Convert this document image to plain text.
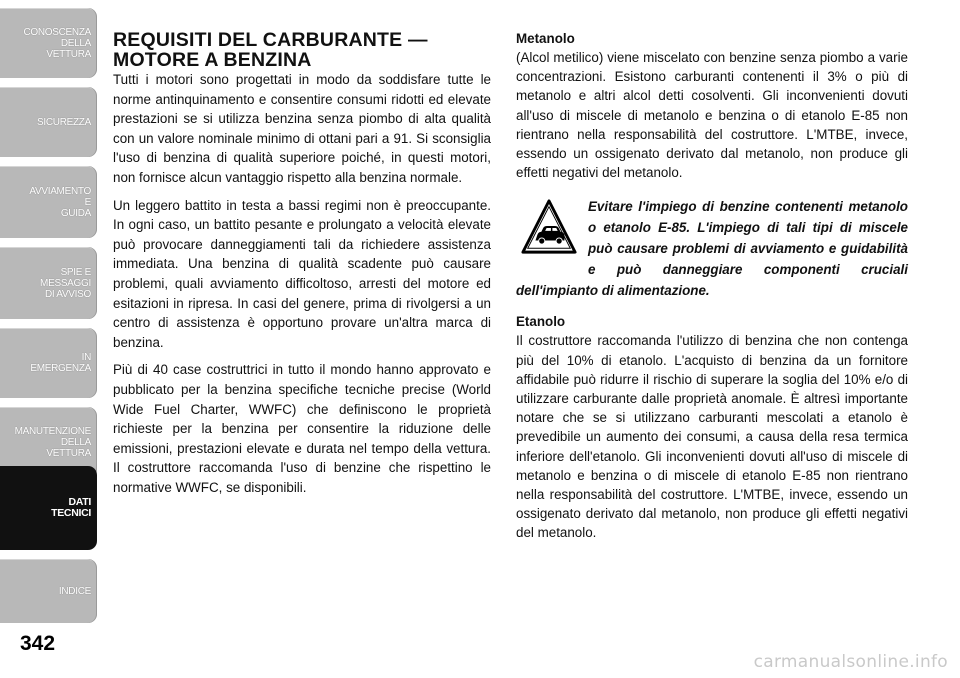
CONOSCENZA
DELLA
VETTURA
SICUREZZA
AVVIAMENTO
E
GUIDA
SPIE E
MESSAGGI
DI AVVISO
IN
EMERGENZA
MANUTENZIONE
DELLA
VETTURA
DATI
TECNICI
INDICE
342
REQUISITI DEL CARBURANTE —
MOTORE A BENZINA

Tutti i motori sono progettati in modo da soddisfare tutte le norme antinquinamento e consentire consumi ridotti ed elevate prestazioni se si utilizza benzina senza piombo di alta qualità con un valore nominale minimo di ottani pari a 91. Si sconsiglia l'uso di benzina di qualità superiore poiché, in questi motori, non fornisce alcun vantaggio rispetto alla benzina normale.

Un leggero battito in testa a bassi regimi non è preoccupante. In ogni caso, un battito pesante e prolungato a velocità elevate può provocare danneggiamenti tali da richiedere assistenza immediata. Una benzina di qualità scadente può causare problemi, quali avviamento difficoltoso, arresti del motore ed esitazioni in ripresa. In casi del genere, prima di rivolgersi a un centro di assistenza è opportuno provare un'altra marca di benzina.

Più di 40 case costruttrici in tutto il mondo hanno approvato e pubblicato per la benzina specifiche tecniche precise (World Wide Fuel Charter, WWFC) che definiscono le proprietà richieste per la benzina per consentire la riduzione delle emissioni, prestazioni elevate e durata nel tempo della vettura. Il costruttore raccomanda l'uso di benzine che rispettino le normative WWFC, se disponibili.

Metanolo

(Alcol metilico) viene miscelato con benzine senza piombo a varie concentrazioni. Esistono carburanti contenenti il 3% o più di metanolo e altri alcol detti cosolventi. Gli inconvenienti dovuti all'uso di miscele di metanolo e benzina o di etanolo E-85 non rientrano nella responsabilità del costruttore. L'MTBE, invece, essendo un ossigenato derivato dal metanolo, non produce gli effetti negativi del metanolo.

Evitare l'impiego di benzine contenenti metanolo o etanolo E-85. L'impiego di tali tipi di miscele può causare problemi di avviamento e guidabilità e può danneggiare componenti cruciali dell'impianto di alimentazione.

Etanolo

Il costruttore raccomanda l'utilizzo di benzina che non contenga più del 10% di etanolo. L'acquisto di benzina da un fornitore affidabile può ridurre il rischio di superare la soglia del 10% e/o di utilizzare carburante dalle proprietà anomale. È altresì importante notare che se si utilizzano carburanti mescolati a etanolo è prevedibile un aumento dei consumi, a causa della resa termica inferiore dell'etanolo. Gli inconvenienti dovuti all'uso di miscele di metanolo e benzina o di miscele di etanolo E-85 non rientrano nella responsabilità del costruttore. L'MTBE, invece, essendo un ossigenato derivato dal metanolo, non produce gli effetti negativi del metanolo.

carmanualsonline.info
